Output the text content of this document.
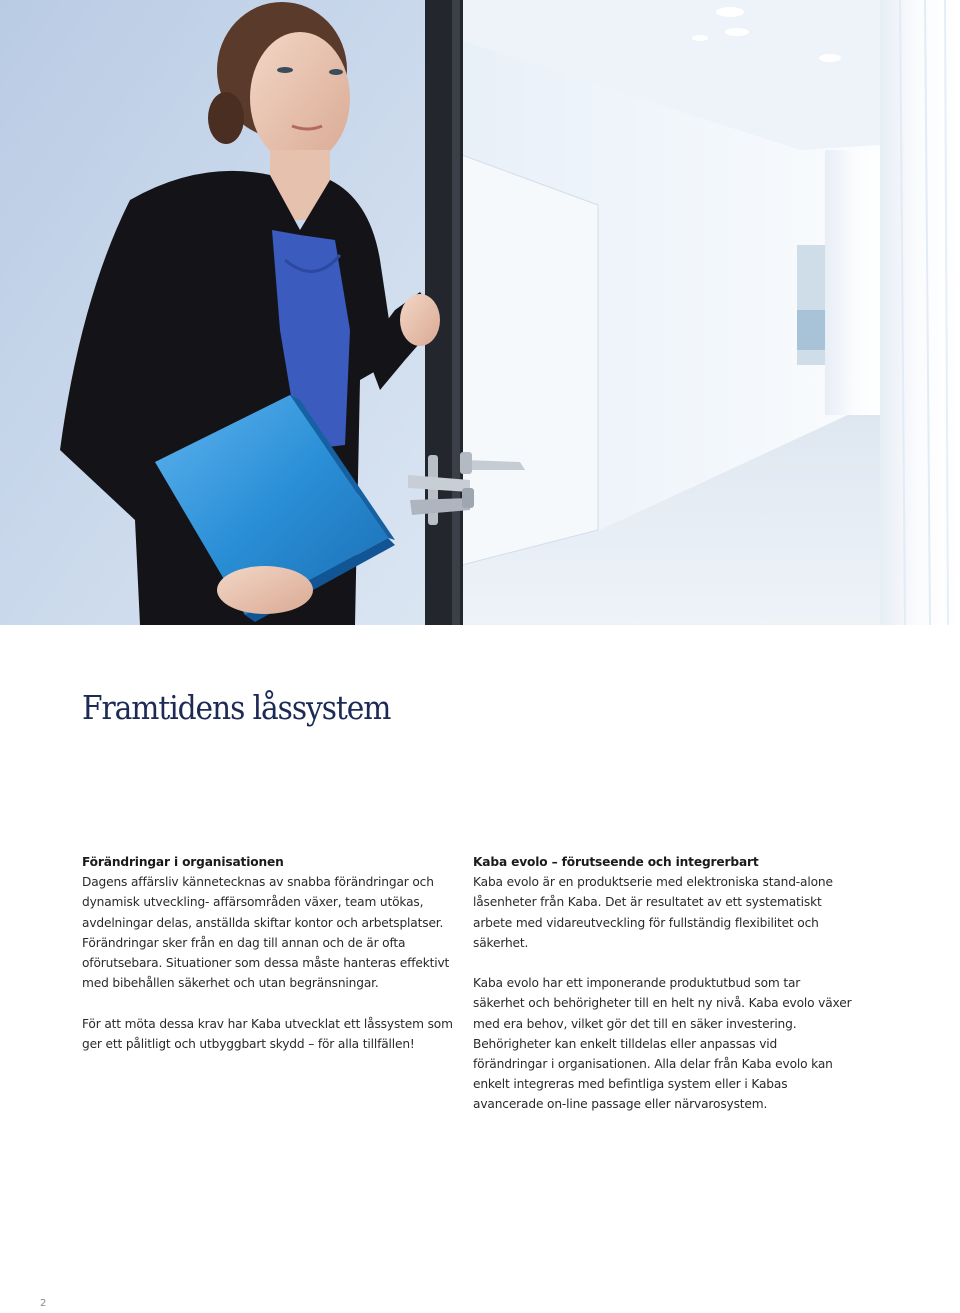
Framtidens låssystem
Förändringar i organisationen

Dagens affärsliv kännetecknas av snabba förändringar och dynamisk utveckling- affärsområden växer, team utökas, avdelningar delas, anställda skiftar kontor och arbetsplatser. Förändringar sker från en dag till annan och de är ofta oförutsebara. Situationer som dessa måste hanteras effektivt med bibehållen säkerhet och utan begränsningar.

För att möta dessa krav har Kaba utvecklat ett låssystem som ger ett pålitligt och utbyggbart skydd – för alla tillfällen!

Kaba evolo – förutseende och integrerbart

Kaba evolo är en produktserie med elektroniska stand-alone låsenheter från Kaba. Det är resultatet av ett systematiskt arbete med vidareutveckling för fullständig flexibilitet och säkerhet.

Kaba evolo har ett imponerande produktutbud som tar säkerhet och behörigheter till en helt ny nivå. Kaba evolo växer med era behov, vilket gör det till en säker investering. Behörigheter kan enkelt tilldelas eller anpassas vid förändringar i organisationen. Alla delar från Kaba evolo kan enkelt integreras med befintliga system eller i Kabas avancerade on-line passage eller närvarosystem.

2
